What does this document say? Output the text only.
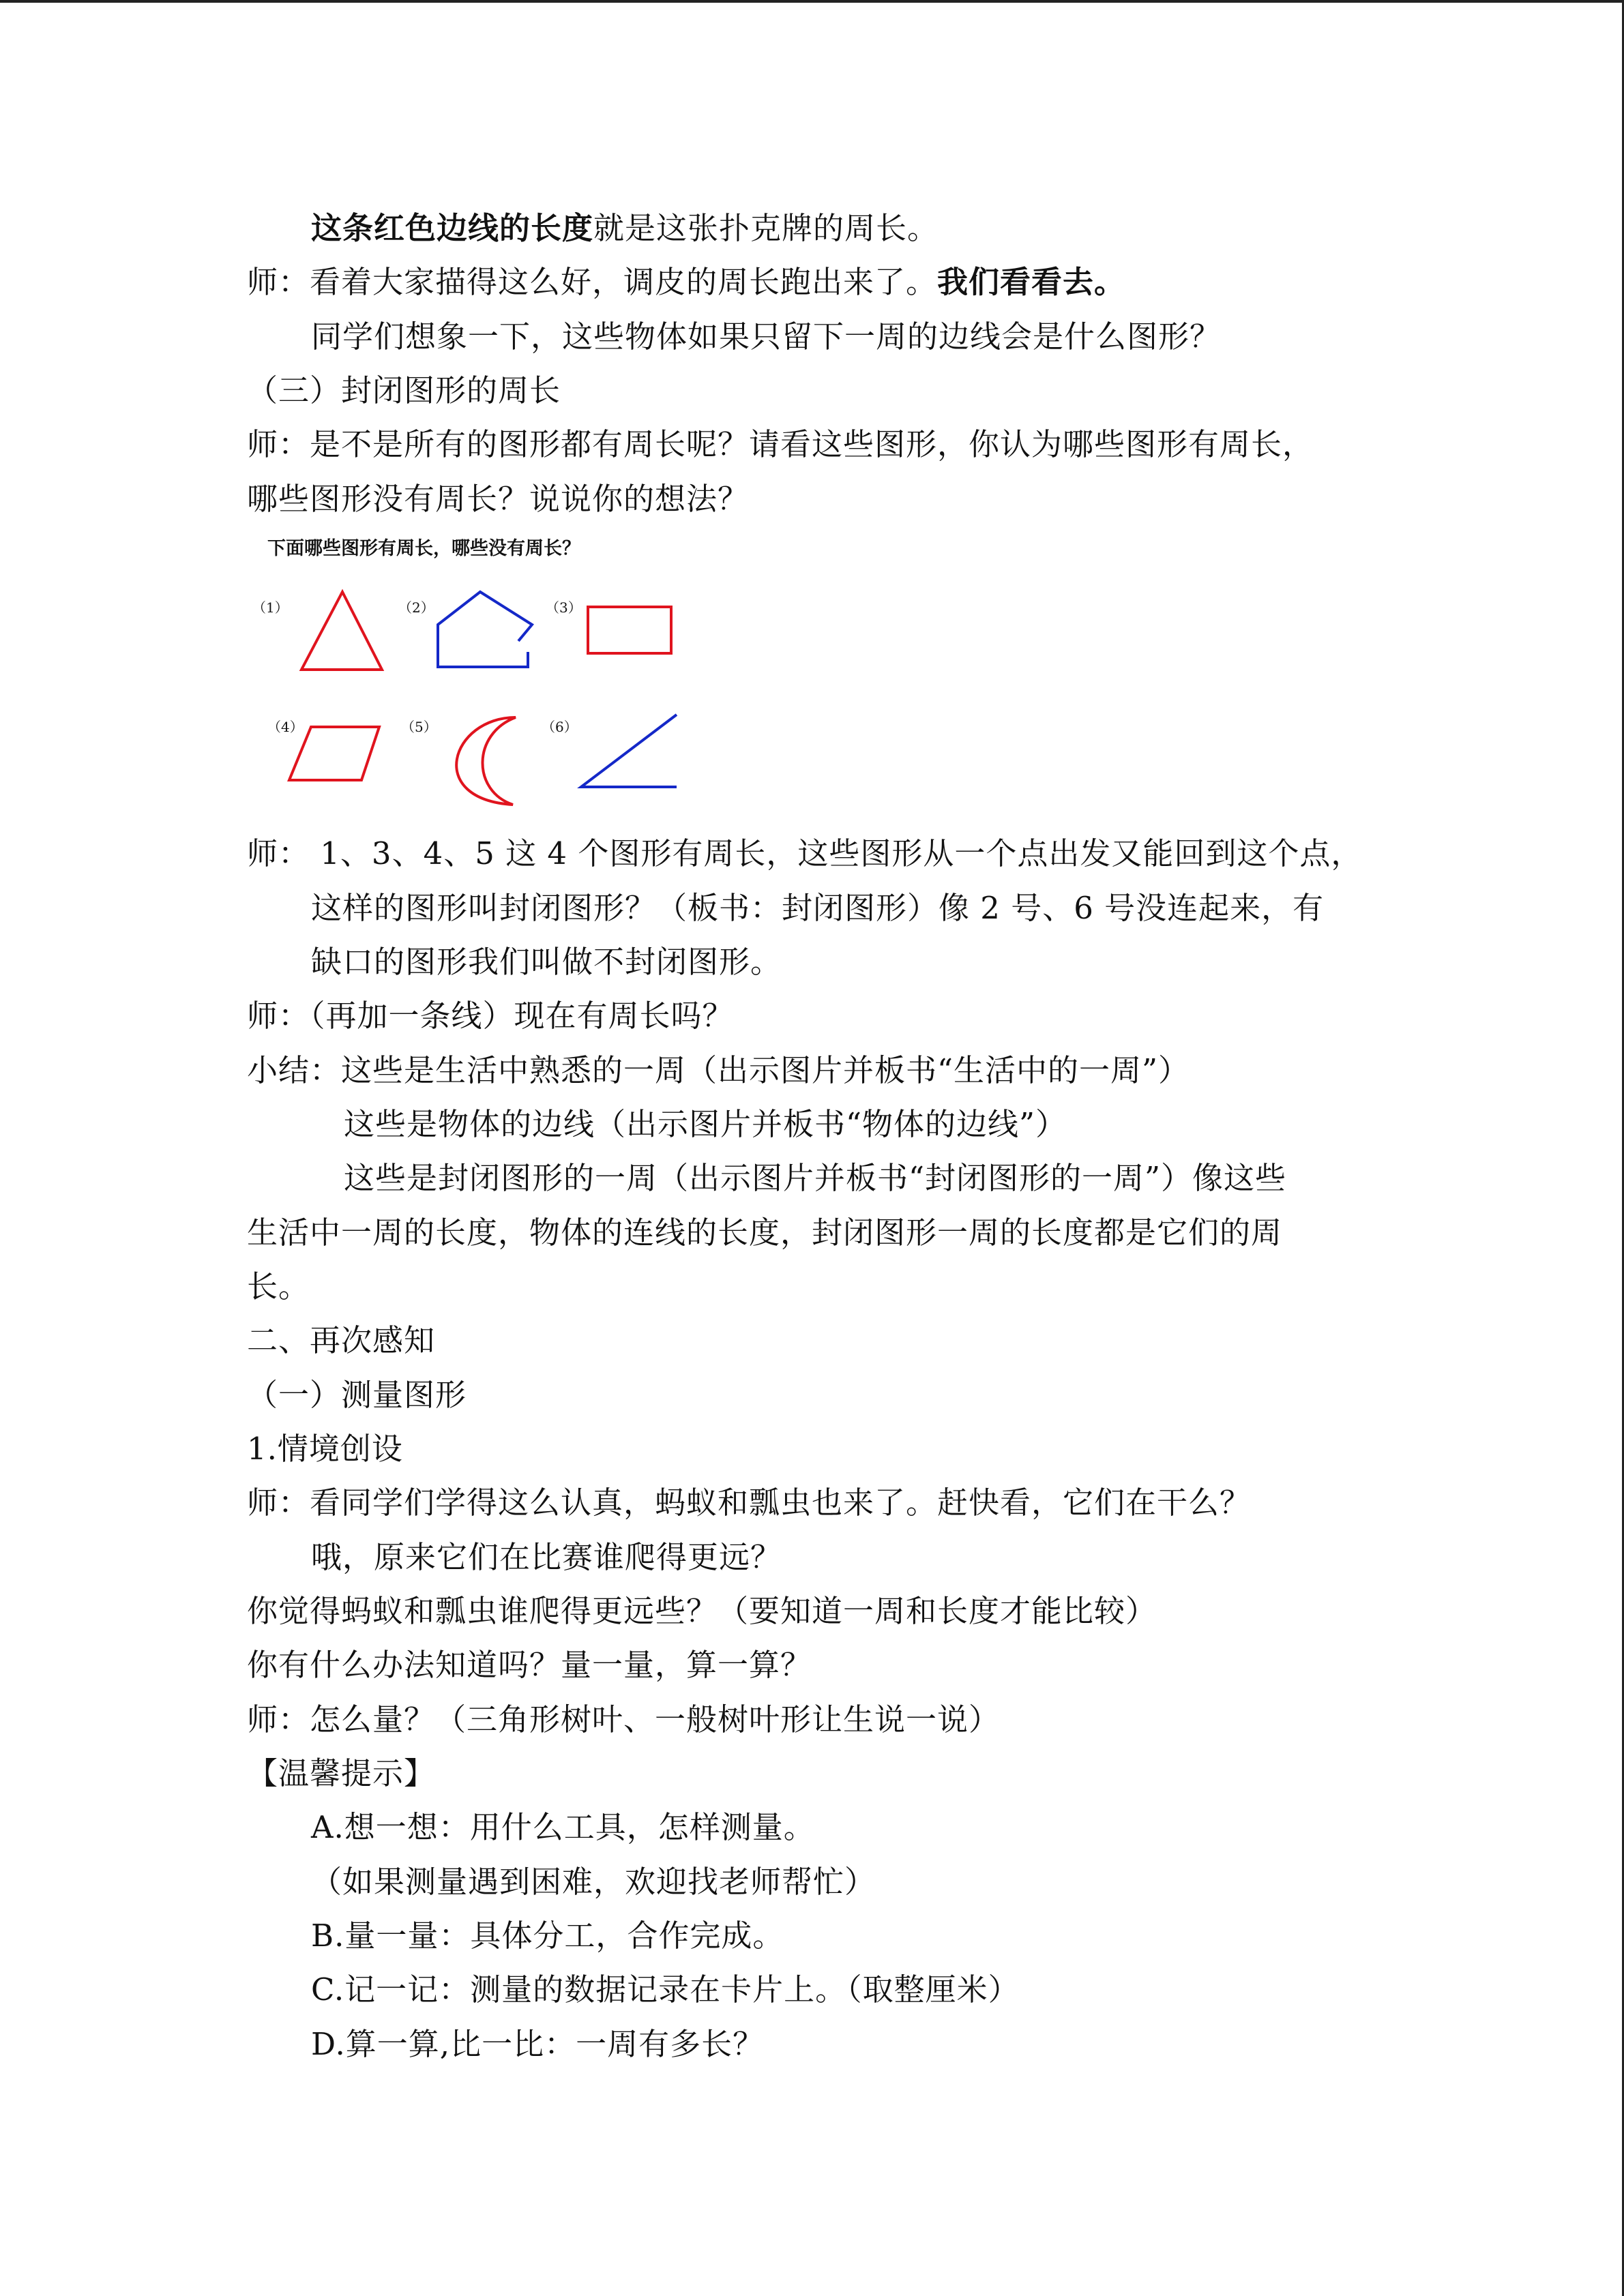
这条红色边线的长度就是这张扑克牌的周长。
师：看着大家描得这么好，调皮的周长跑出来了。我们看看去。
同学们想象一下，这些物体如果只留下一周的边线会是什么图形？
（三）封闭图形的周长
师：是不是所有的图形都有周长呢？请看这些图形，你认为哪些图形有周长，
哪些图形没有周长？说说你的想法？
下面哪些图形有周长，哪些没有周长？
（1）	（2）	（3）
（4）	（5）	（6）
师： 1、3、4、5 这 4 个图形有周长，这些图形从一个点出发又能回到这个点，
这样的图形叫封闭图形？（板书：封闭图形）像 2 号、6 号没连起来，有
缺口的图形我们叫做不封闭图形。
师：（再加一条线）现在有周长吗？
小结：这些是生活中熟悉的一周（出示图片并板书“生活中的一周”）
这些是物体的边线（出示图片并板书“物体的边线”）
这些是封闭图形的一周（出示图片并板书“封闭图形的一周”）像这些
生活中一周的长度，物体的连线的长度，封闭图形一周的长度都是它们的周
长。
二、再次感知
（一）测量图形
1.情境创设
师：看同学们学得这么认真，蚂蚁和瓢虫也来了。赶快看，它们在干么？
哦，原来它们在比赛谁爬得更远？
你觉得蚂蚁和瓢虫谁爬得更远些？（要知道一周和长度才能比较）
你有什么办法知道吗？量一量，算一算？
师：怎么量？（三角形树叶、一般树叶形让生说一说）
【温馨提示】
A.想一想：用什么工具，怎样测量。
（如果测量遇到困难，欢迎找老师帮忙）
B.量一量：具体分工，合作完成。
C.记一记：测量的数据记录在卡片上。（取整厘米）
D.算一算,比一比：一周有多长？
